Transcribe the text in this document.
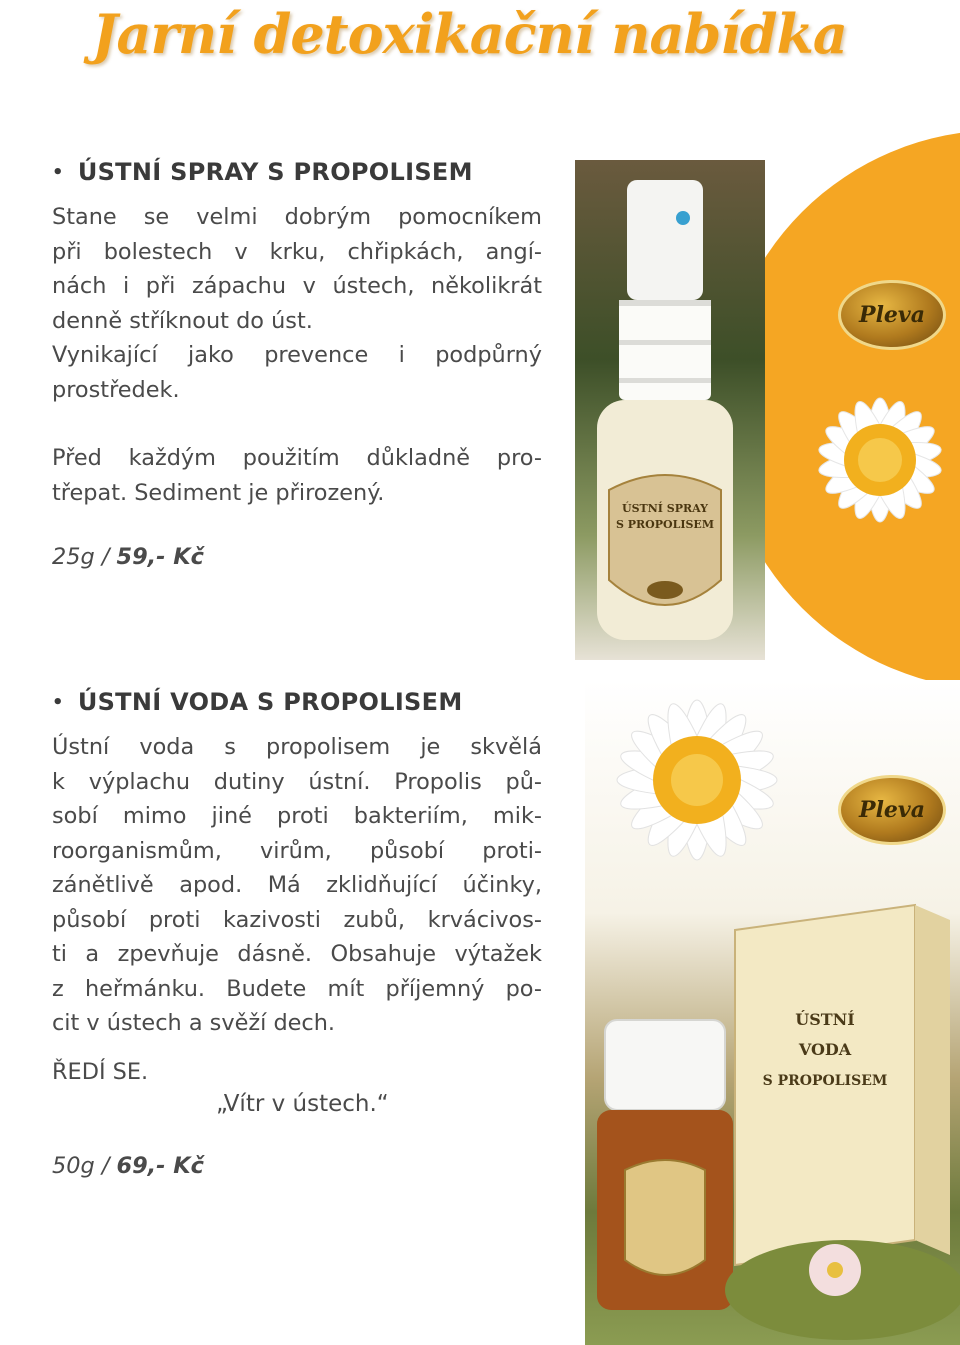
Jarní detoxikační nabídka
ÚSTNÍ SPRAY
S PROPOLISEM
Pleva
ÚSTNÍ
VODA
S PROPOLISEM
Pleva
• ÚSTNÍ SPRAY S PROPOLISEM
Stane se velmi dobrým pomocníkem
při bolestech v krku, chřipkách, angí-
nách i při zápachu v ústech, několikrát
denně stříknout do úst.
Vynikající jako prevence i podpůrný
prostředek.
Před každým použitím důkladně pro-
třepat. Sediment je přirozený.
25g / 59,- Kč
• ÚSTNÍ VODA S PROPOLISEM
Ústní voda s propolisem je skvělá
k výplachu dutiny ústní. Propolis pů-
sobí mimo jiné proti bakteriím, mik-
roorganismům, virům, působí proti-
zánětlivě apod. Má zklidňující účinky,
působí proti kazivosti zubů, krvácivos-
ti a zpevňuje dásně. Obsahuje výtažek
z heřmánku. Budete mít příjemný po-
cit v ústech a svěží dech.
ŘEDÍ SE.
„Vítr v ústech.“
50g / 69,- Kč
